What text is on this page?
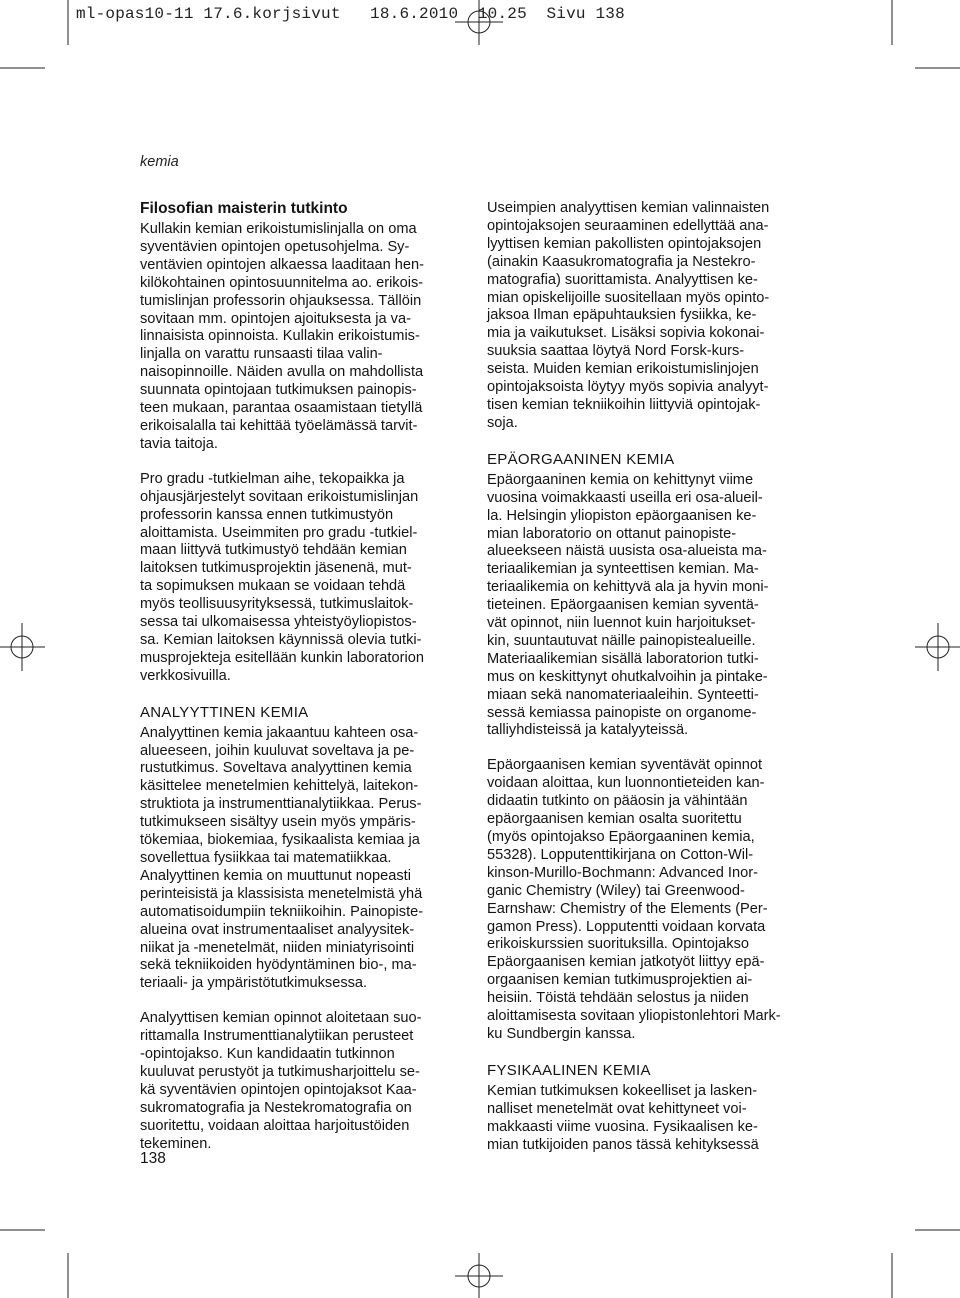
ml-opas10-11 17.6.korjsivut   18.6.2010  10.25  Sivu 138
kemia
Filosofian maisterin tutkinto

Kullakin kemian erikoistumislinjalla on oma
syventävien opintojen opetusohjelma. Sy-
ventävien opintojen alkaessa laaditaan hen-
kilökohtainen opintosuunnitelma ao. erikois-
tumislinjan professorin ohjauksessa. Tällöin
sovitaan mm. opintojen ajoituksesta ja va-
linnaisista opinnoista. Kullakin erikoistumis-
linjalla on varattu runsaasti tilaa valin-
naisopinnoille. Näiden avulla on mahdollista
suunnata opintojaan tutkimuksen painopis-
teen mukaan, parantaa osaamistaan tietyllä
erikoisalalla tai kehittää työelämässä tarvit-
tavia taitoja.

Pro gradu -tutkielman aihe, tekopaikka ja
ohjausjärjestelyt sovitaan erikoistumislinjan
professorin kanssa ennen tutkimustyön
aloittamista. Useimmiten pro gradu -tutkiel-
maan liittyvä tutkimustyö tehdään kemian
laitoksen tutkimusprojektin jäsenenä, mut-
ta sopimuksen mukaan se voidaan tehdä
myös teollisuusyrityksessä, tutkimuslaitok-
sessa tai ulkomaisessa yhteistyöyliopistos-
sa. Kemian laitoksen käynnissä olevia tutki-
musprojekteja esitellään kunkin laboratorion
verkkosivuilla.

ANALYYTTINEN KEMIA

Analyyttinen kemia jakaantuu kahteen osa-
alueeseen, joihin kuuluvat soveltava ja pe-
rustutkimus. Soveltava analyyttinen kemia
käsittelee menetelmien kehittelyä, laitekon-
struktiota ja instrumenttianalytiikkaa. Perus-
tutkimukseen sisältyy usein myös ympäris-
tökemiaa, biokemiaa, fysikaalista kemiaa ja
sovellettua fysiikkaa tai matematiikkaa.
Analyyttinen kemia on muuttunut nopeasti
perinteisistä ja klassisista menetelmistä yhä
automatisoidumpiin tekniikoihin. Painopiste-
alueina ovat instrumentaaliset analyysitek-
niikat ja -menetelmät, niiden miniatyrisointi
sekä tekniikoiden hyödyntäminen bio-, ma-
teriaali- ja ympäristötutkimuksessa.

Analyyttisen kemian opinnot aloitetaan suo-
rittamalla Instrumenttianalytiikan perusteet
-opintojakso. Kun kandidaatin tutkinnon
kuuluvat perustyöt ja tutkimusharjoittelu se-
kä syventävien opintojen opintojaksot Kaa-
sukromatografia ja Nestekromatografia on
suoritettu, voidaan aloittaa harjoitustöiden
tekeminen.

Useimpien analyyttisen kemian valinnaisten
opintojaksojen seuraaminen edellyttää ana-
lyyttisen kemian pakollisten opintojaksojen
(ainakin Kaasukromatografia ja Nestekro-
matografia) suorittamista. Analyyttisen ke-
mian opiskelijoille suositellaan myös opinto-
jaksoa Ilman epäpuhtauksien fysiikka, ke-
mia ja vaikutukset. Lisäksi sopivia kokonai-
suuksia saattaa löytyä Nord Forsk-kurs-
seista. Muiden kemian erikoistumislinjojen
opintojaksoista löytyy myös sopivia analyyt-
tisen kemian tekniikoihin liittyviä opintojak-
soja.

EPÄORGAANINEN KEMIA

Epäorgaaninen kemia on kehittynyt viime
vuosina voimakkaasti useilla eri osa-alueil-
la. Helsingin yliopiston epäorgaanisen ke-
mian laboratorio on ottanut painopiste-
alueekseen näistä uusista osa-alueista ma-
teriaalikemian ja synteettisen kemian. Ma-
teriaalikemia on kehittyvä ala ja hyvin moni-
tieteinen. Epäorgaanisen kemian syventä-
vät opinnot, niin luennot kuin harjoitukset-
kin, suuntautuvat näille painopistealueille.
Materiaalikemian sisällä laboratorion tutki-
mus on keskittynyt ohutkalvoihin ja pintake-
miaan sekä nanomateriaaleihin. Synteetti-
sessä kemiassa painopiste on organome-
talliyhdisteissä ja katalyyteissä.

Epäorgaanisen kemian syventävät opinnot
voidaan aloittaa, kun luonnontieteiden kan-
didaatin tutkinto on pääosin ja vähintään
epäorgaanisen kemian osalta suoritettu
(myös opintojakso Epäorgaaninen kemia,
55328). Lopputenttikirjana on Cotton-Wil-
kinson-Murillo-Bochmann: Advanced Inor-
ganic Chemistry (Wiley) tai Greenwood-
Earnshaw: Chemistry of the Elements (Per-
gamon Press). Lopputentti voidaan korvata
erikoiskurssien suorituksilla. Opintojakso
Epäorgaanisen kemian jatkotyöt liittyy epä-
orgaanisen kemian tutkimusprojektien ai-
heisiin. Töistä tehdään selostus ja niiden
aloittamisesta sovitaan yliopistonlehtori Mark-
ku Sundbergin kanssa.

FYSIKAALINEN KEMIA

Kemian tutkimuksen kokeelliset ja lasken-
nalliset menetelmät ovat kehittyneet voi-
makkaasti viime vuosina. Fysikaalisen ke-
mian tutkijoiden panos tässä kehityksessä

138
